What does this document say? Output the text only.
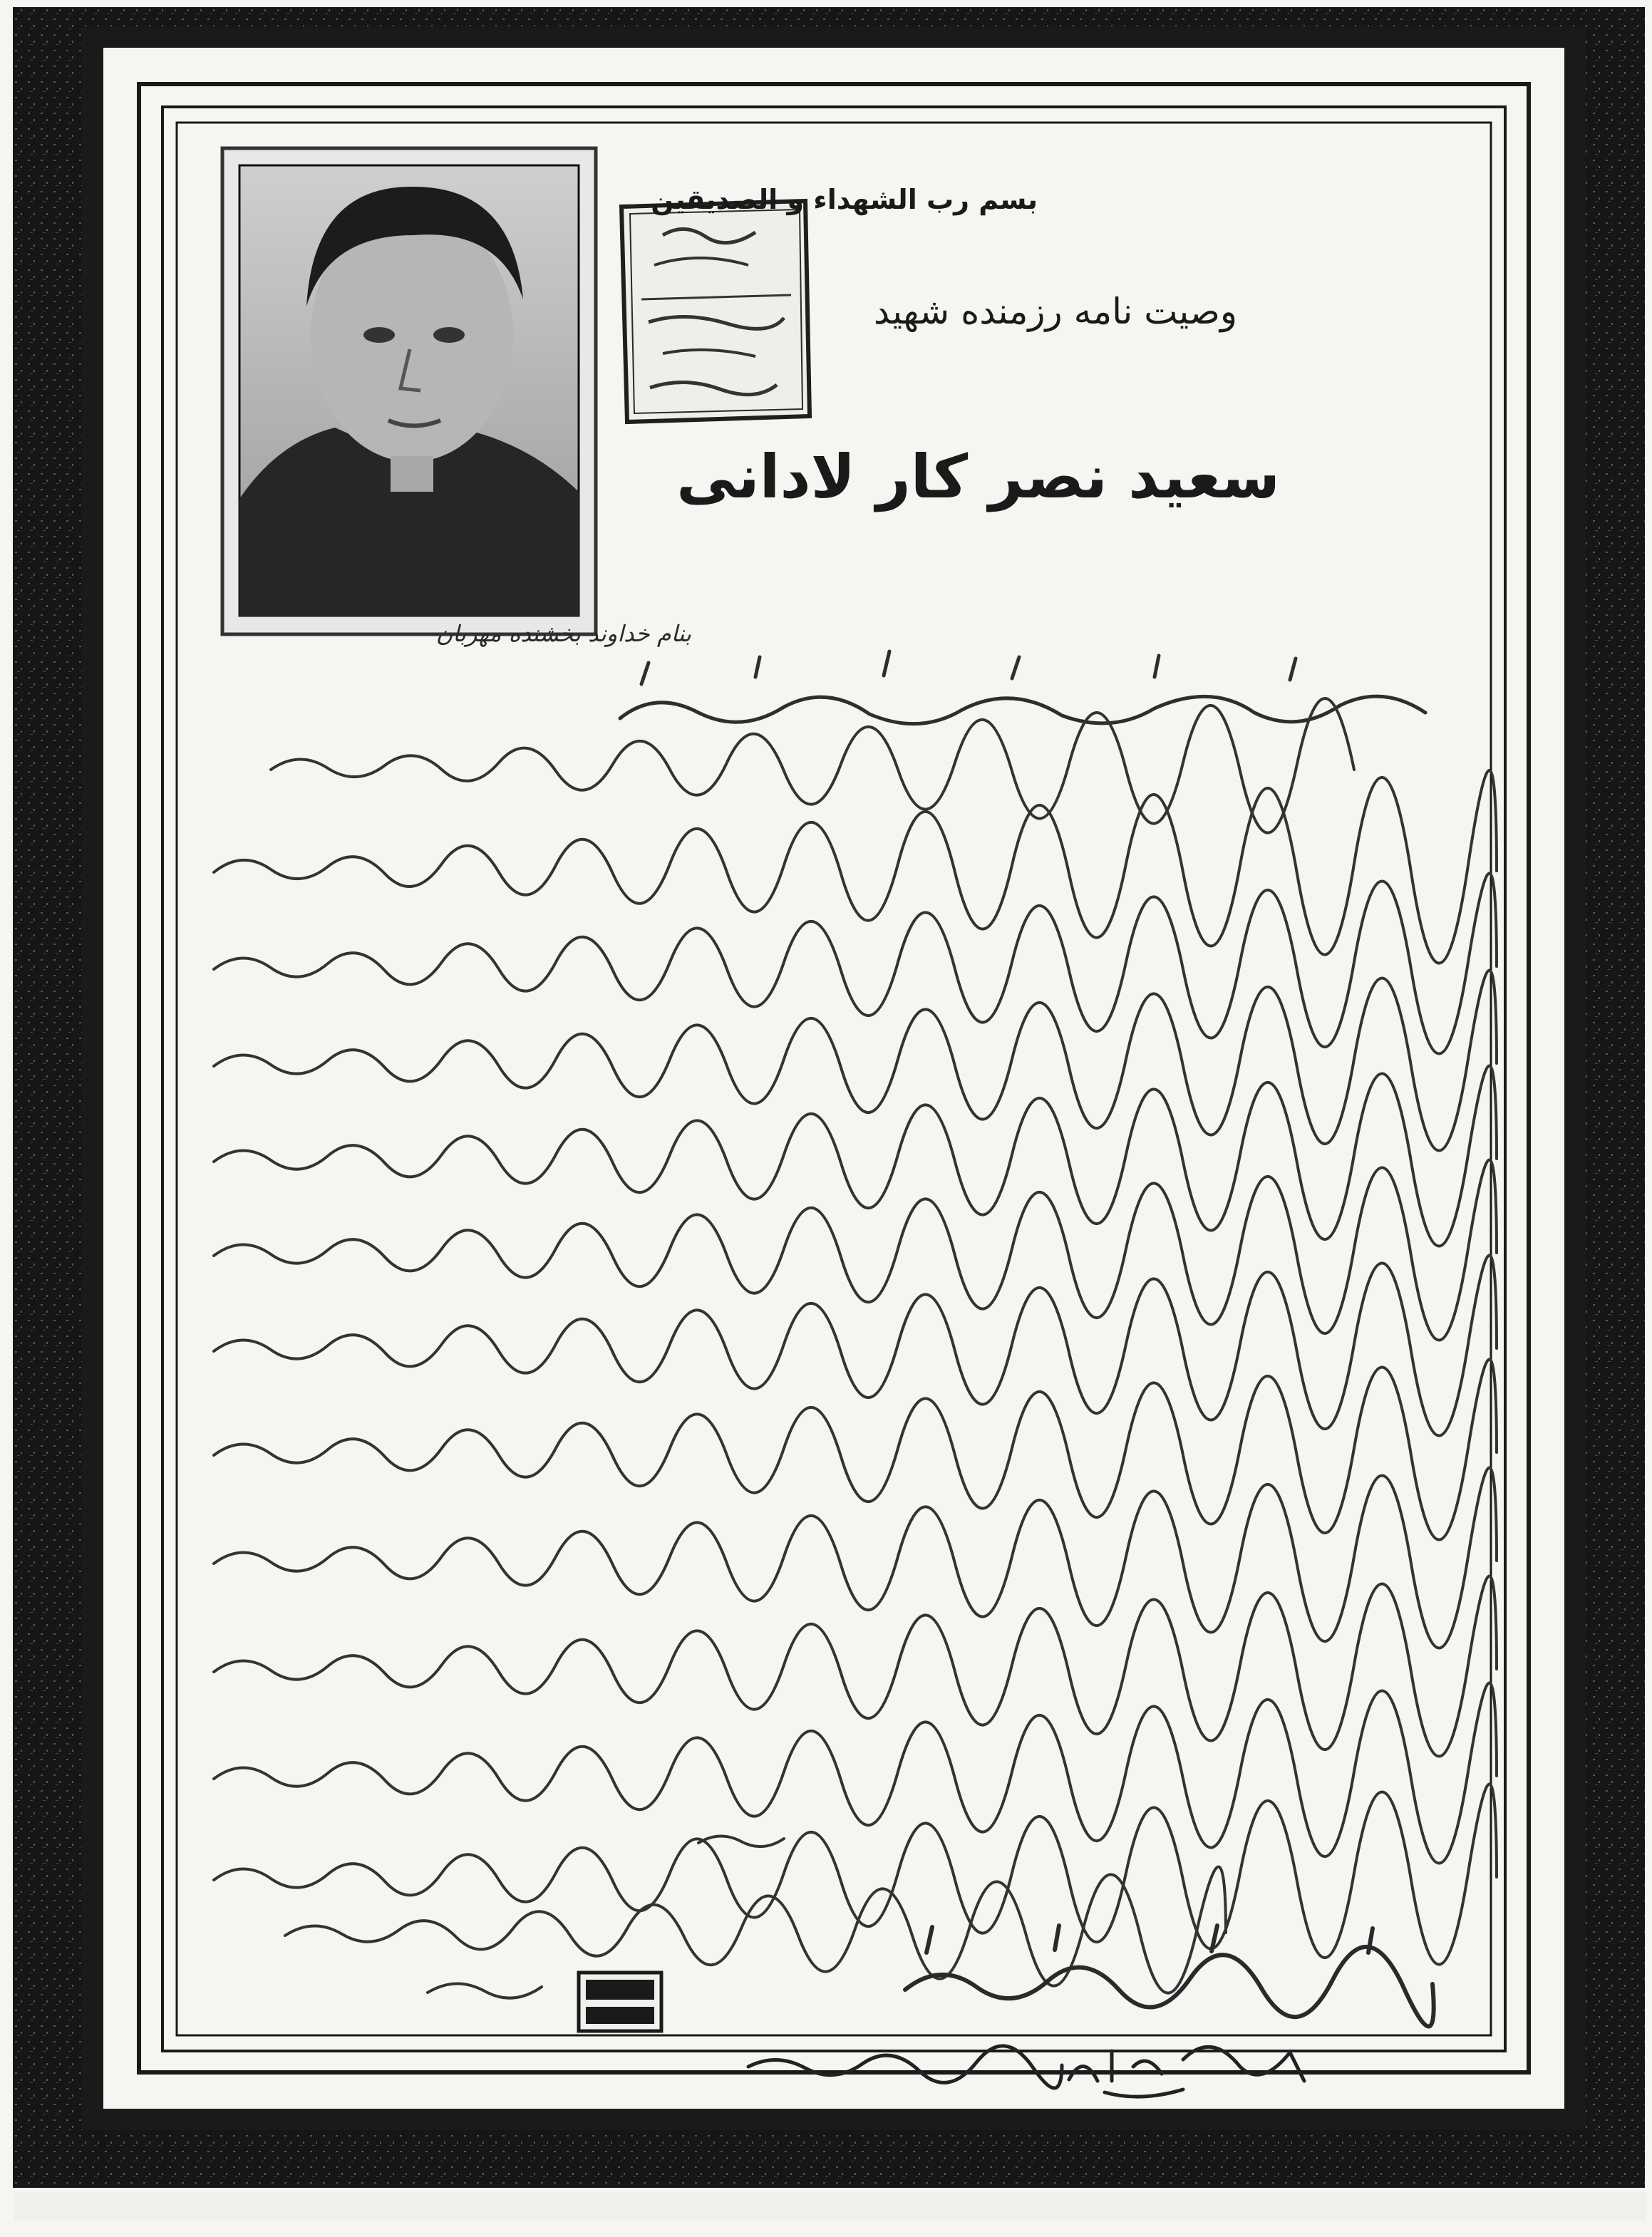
بسم رب الشهداء و الصدیقین
وصیت نامه رزمنده شهید
سعید نصر کار لادانی
بنام خداوند بخشنده مهربان
